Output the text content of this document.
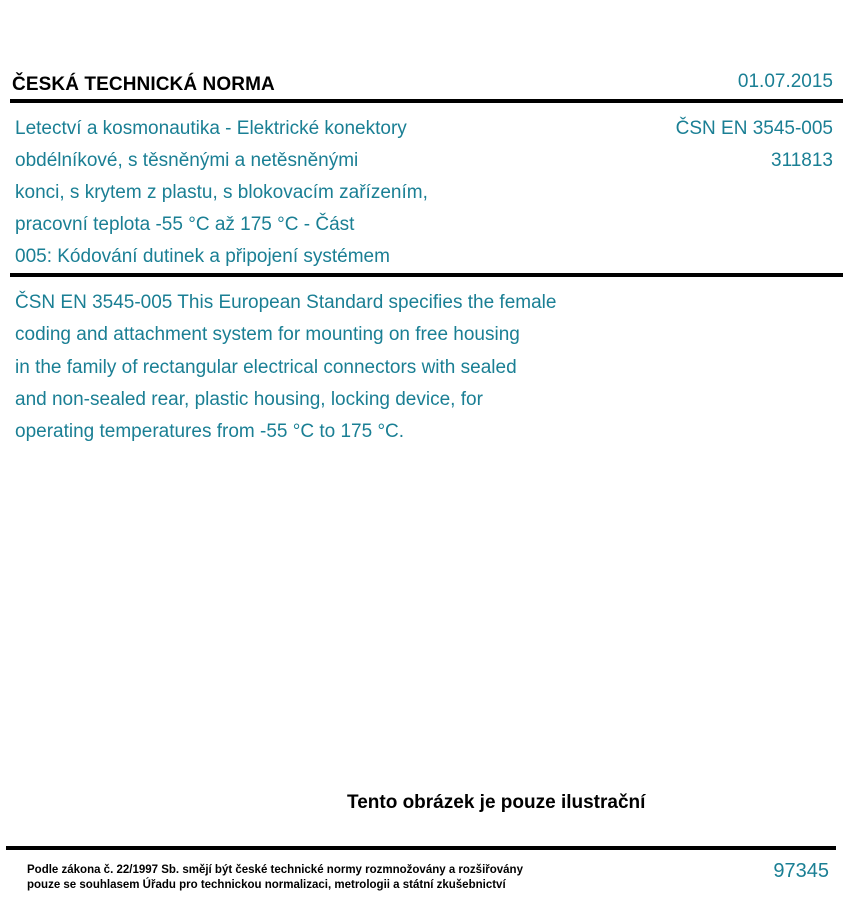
ČESKÁ TECHNICKÁ NORMA	01.07.2015
Letectví a kosmonautika - Elektrické konektory
obdélníkové, s těsněnými a netěsněnými
konci, s krytem z plastu, s blokovacím zařízením,
pracovní teplota -55 °C až 175 °C - Část
005: Kódování dutinek a připojení systémem
ČSN EN 3545-005
311813
ČSN EN 3545-005 This European Standard specifies the female
coding and attachment system for mounting on free housing
in the family of rectangular electrical connectors with sealed
and non-sealed rear, plastic housing, locking device, for
operating temperatures from -55 °C to 175 °C.
Tento obrázek je pouze ilustrační
Podle zákona č. 22/1997 Sb. smějí být české technické normy rozmnožovány a rozšiřovány
pouze se souhlasem Úřadu pro technickou normalizaci, metrologii a státní zkušebnictví
97345
